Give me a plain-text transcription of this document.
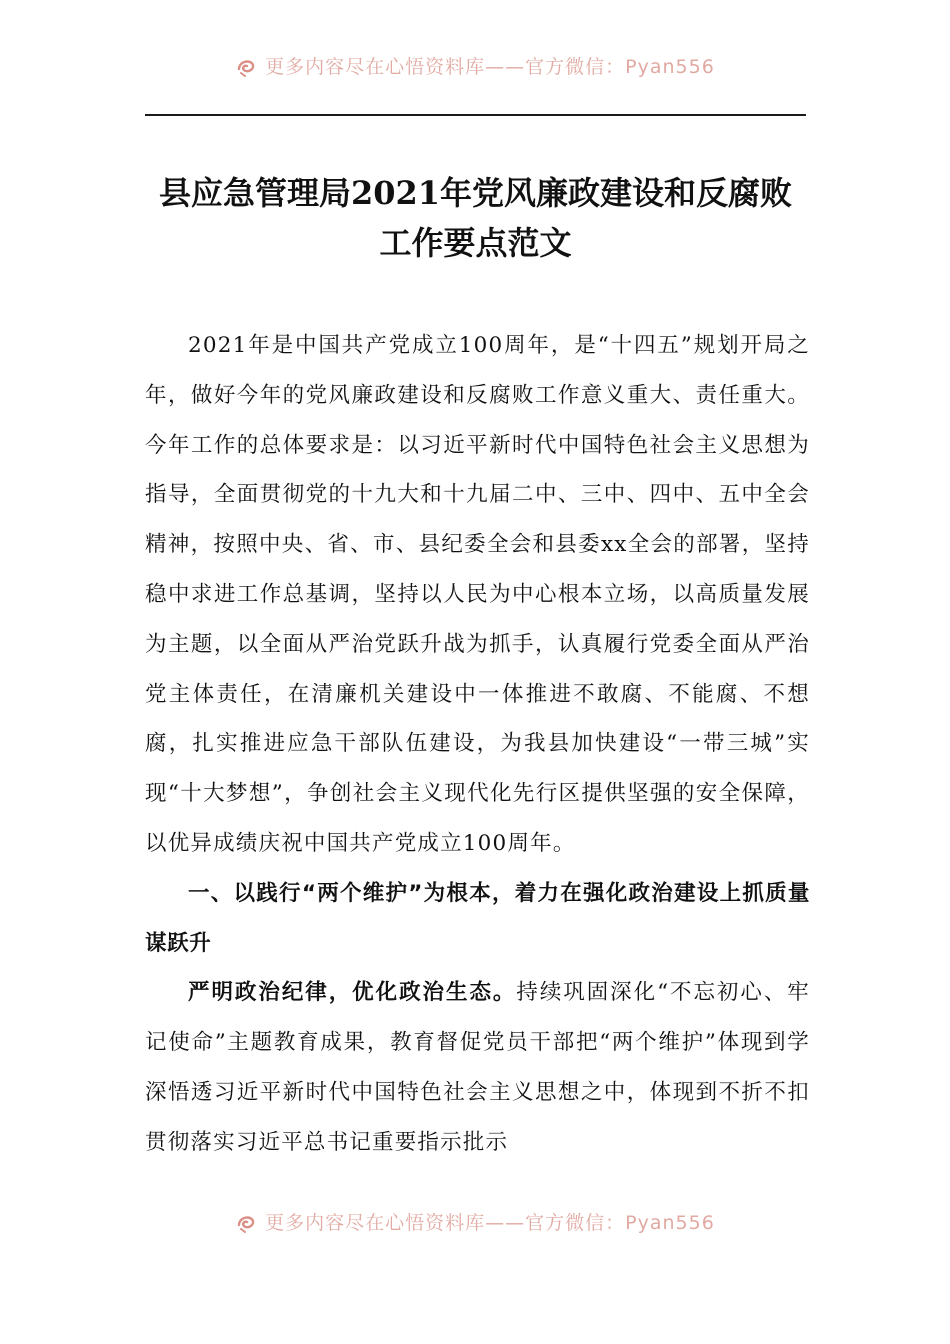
更多内容尽在心悟资料库——官方微信：Pyan556
县应急管理局2021年党风廉政建设和反腐败工作要点范文

2021年是中国共产党成立100周年，是“十四五”规划开局之年，做好今年的党风廉政建设和反腐败工作意义重大、责任重大。今年工作的总体要求是：以习近平新时代中国特色社会主义思想为指导，全面贯彻党的十九大和十九届二中、三中、四中、五中全会精神，按照中央、省、市、县纪委全会和县委xx全会的部署，坚持稳中求进工作总基调，坚持以人民为中心根本立场，以高质量发展为主题，以全面从严治党跃升战为抓手，认真履行党委全面从严治党主体责任，在清廉机关建设中一体推进不敢腐、不能腐、不想腐，扎实推进应急干部队伍建设，为我县加快建设“一带三城”实现“十大梦想”，争创社会主义现代化先行区提供坚强的安全保障，以优异成绩庆祝中国共产党成立100周年。

一、以践行“两个维护”为根本，着力在强化政治建设上抓质量谋跃升

严明政治纪律，优化政治生态。持续巩固深化“不忘初心、牢记使命”主题教育成果，教育督促党员干部把“两个维护”体现到学深悟透习近平新时代中国特色社会主义思想之中，体现到不折不扣贯彻落实习近平总书记重要指示批示

更多内容尽在心悟资料库——官方微信：Pyan556
